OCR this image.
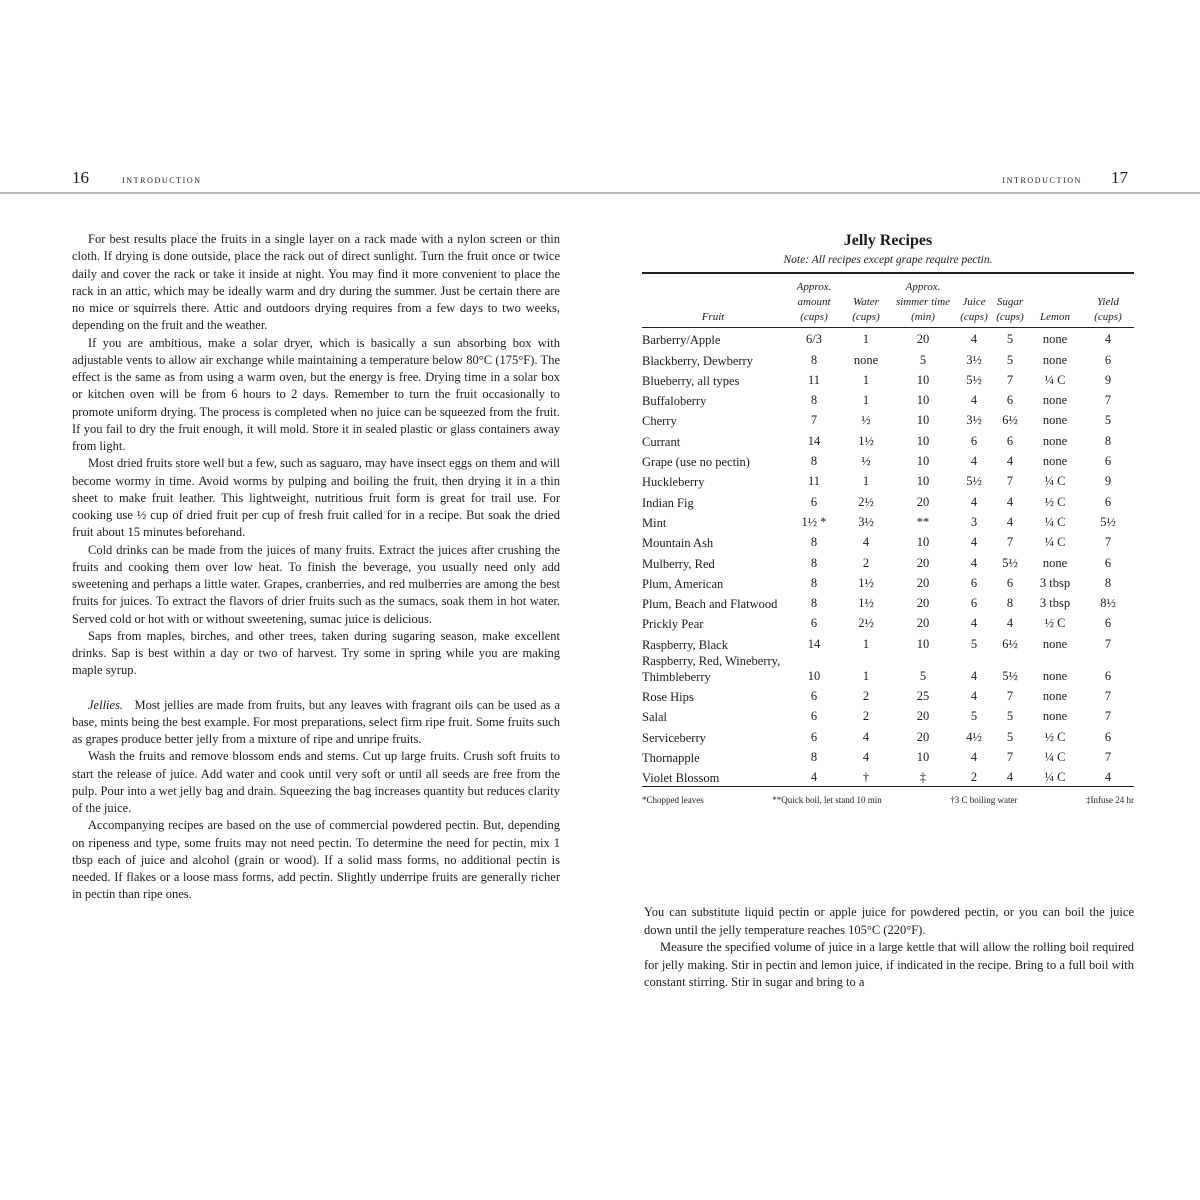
16	introduction	introduction 17

For best results place the fruits in a single layer on a rack made with a nylon screen or thin cloth. If drying is done outside, place the rack out of direct sunlight. Turn the fruit once or twice daily and cover the rack or take it inside at night. You may find it more convenient to place the rack in an attic, which may be ideally warm and dry during the summer. Just be certain there are no mice or squirrels there. Attic and outdoors drying requires from a few days to two weeks, depending on the fruit and the weather.

If you are ambitious, make a solar dryer, which is basically a sun absorbing box with adjustable vents to allow air exchange while maintaining a temperature below 80°C (175°F). The effect is the same as from using a warm oven, but the energy is free. Drying time in a solar box or kitchen oven will be from 6 hours to 2 days. Remember to turn the fruit occasionally to promote uniform drying. The process is completed when no juice can be squeezed from the fruit. If you fail to dry the fruit enough, it will mold. Store it in sealed plastic or glass containers away from light.

Most dried fruits store well but a few, such as saguaro, may have insect eggs on them and will become wormy in time. Avoid worms by pulping and boiling the fruit, then drying it in a thin sheet to make fruit leather. This lightweight, nutritious fruit form is great for trail use. For cooking use ½ cup of dried fruit per cup of fresh fruit called for in a recipe. But soak the dried fruit about 15 minutes beforehand.

Cold drinks can be made from the juices of many fruits. Extract the juices after crushing the fruits and cooking them over low heat. To finish the beverage, you usually need only add sweetening and perhaps a little water. Grapes, cranberries, and red mulberries are among the best fruits for juices. To extract the flavors of drier fruits such as the sumacs, soak them in hot water. Served cold or hot with or without sweetening, sumac juice is delicious.

Saps from maples, birches, and other trees, taken during sugaring season, make excellent drinks. Sap is best within a day or two of harvest. Try some in spring while you are making maple syrup.

Jellies. Most jellies are made from fruits, but any leaves with fragrant oils can be used as a base, mints being the best example. For most preparations, select firm ripe fruit. Some fruits such as grapes produce better jelly from a mixture of ripe and unripe fruits.

Wash the fruits and remove blossom ends and stems. Cut up large fruits. Crush soft fruits to start the release of juice. Add water and cook until very soft or until all seeds are free from the pulp. Pour into a wet jelly bag and drain. Squeezing the bag increases quantity but reduces clarity of the juice.

Accompanying recipes are based on the use of commercial powdered pectin. But, depending on ripeness and type, some fruits may not need pectin. To determine the need for pectin, mix 1 tbsp each of juice and alcohol (grain or wood). If a solid mass forms, no additional pectin is needed. If flakes or a loose mass forms, add pectin. Slightly underripe fruits are generally richer in pectin than ripe ones.

Jelly Recipes
Note: All recipes except grape require pectin.
Fruit	Approx. amount (cups)	Water (cups)	Approx. simmer time (min)	Juice (cups)	Sugar (cups)	Lemon	Yield (cups)
Barberry/Apple	6/3	1	20	4	5	none	4
Blackberry, Dewberry	8	none	5	3½	5	none	6
Blueberry, all types	11	1	10	5½	7	¼ C	9
Buffaloberry	8	1	10	4	6	none	7
Cherry	7	½	10	3½	6½	none	5
Currant	14	1½	10	6	6	none	8
Grape (use no pectin)	8	½	10	4	4	none	6
Huckleberry	11	1	10	5½	7	¼ C	9
Indian Fig	6	2½	20	4	4	½ C	6
Mint	1½ *	3½	**	3	4	¼ C	5½
Mountain Ash	8	4	10	4	7	¼ C	7
Mulberry, Red	8	2	20	4	5½	none	6
Plum, American	8	1½	20	6	6	3 tbsp	8
Plum, Beach and Flatwood	8	1½	20	6	8	3 tbsp	8½
Prickly Pear	6	2½	20	4	4	½ C	6
Raspberry, Black	14	1	10	5	6½	none	7
Raspberry, Red, Wineberry, Thimbleberry	10	1	5	4	5½	none	6
Rose Hips	6	2	25	4	7	none	7
Salal	6	2	20	5	5	none	7
Serviceberry	6	4	20	4½	5	½ C	6
Thornapple	8	4	10	4	7	¼ C	7
Violet Blossom	4	†	‡	2	4	¼ C	4
*Chopped leaves	**Quick boil, let stand 10 min	†3 C boiling water	‡Infuse 24 hr

You can substitute liquid pectin or apple juice for powdered pectin, or you can boil the juice down until the jelly temperature reaches 105°C (220°F).

Measure the specified volume of juice in a large kettle that will allow the rolling boil required for jelly making. Stir in pectin and lemon juice, if indicated in the recipe. Bring to a full boil with constant stirring. Stir in sugar and bring to a
